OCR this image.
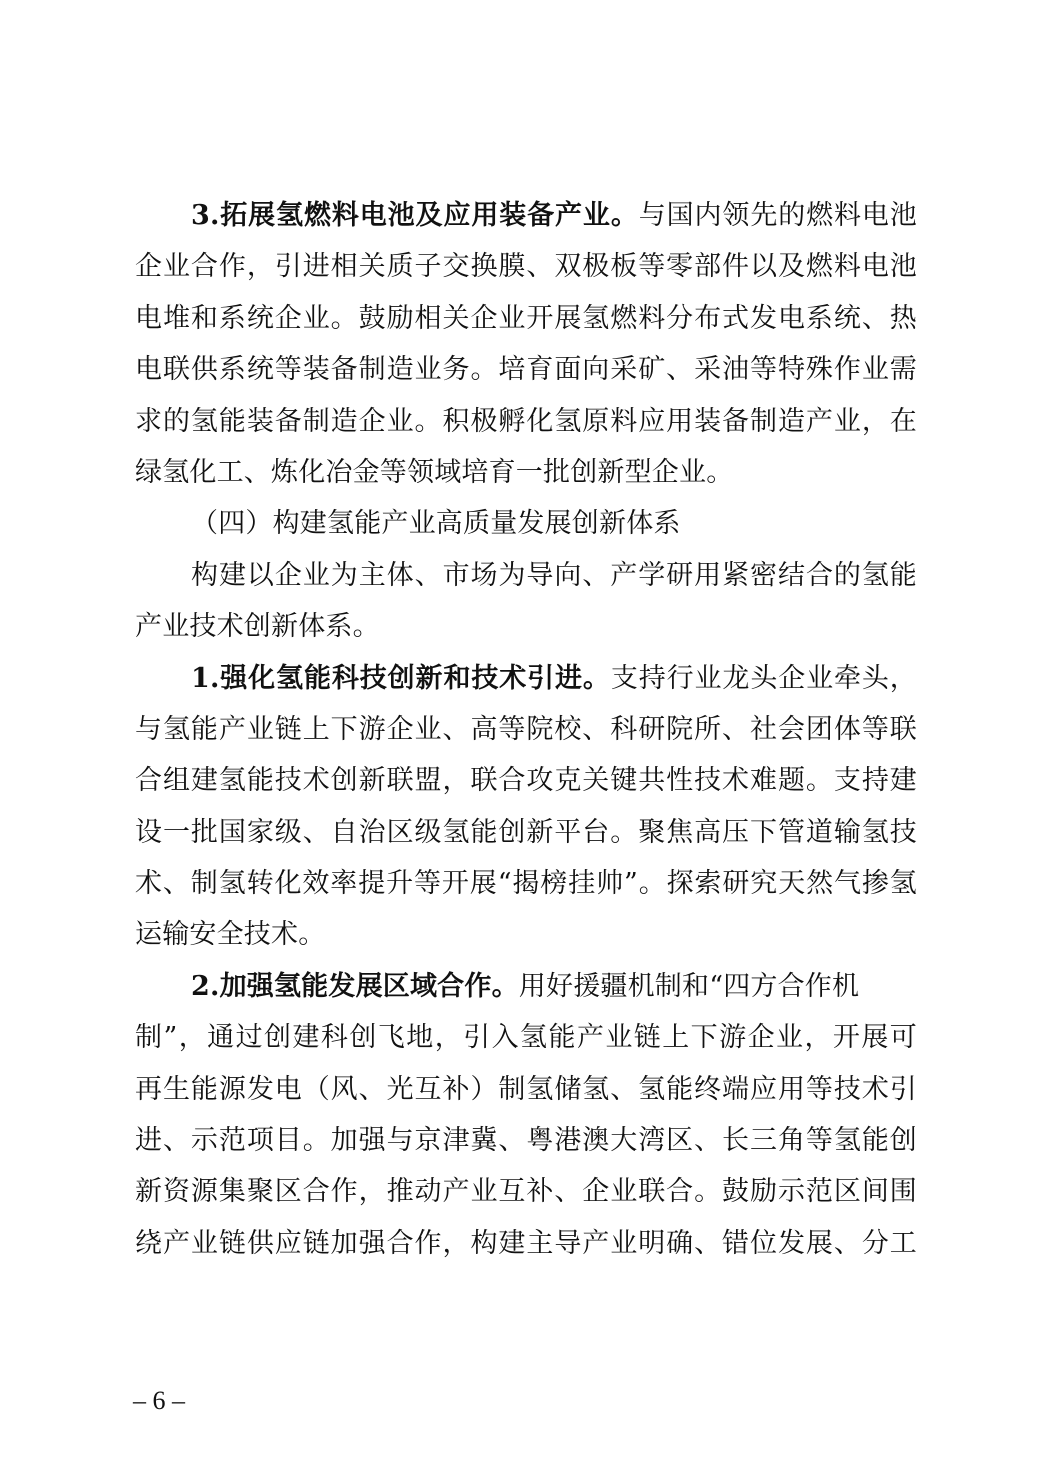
3.拓展氢燃料电池及应用装备产业。与国内领先的燃料电池
企业合作，引进相关质子交换膜、双极板等零部件以及燃料电池
电堆和系统企业。鼓励相关企业开展氢燃料分布式发电系统、热
电联供系统等装备制造业务。培育面向采矿、采油等特殊作业需
求的氢能装备制造企业。积极孵化氢原料应用装备制造产业，在
绿氢化工、炼化冶金等领域培育一批创新型企业。
（四）构建氢能产业高质量发展创新体系
构建以企业为主体、市场为导向、产学研用紧密结合的氢能
产业技术创新体系。
1.强化氢能科技创新和技术引进。支持行业龙头企业牵头，
与氢能产业链上下游企业、高等院校、科研院所、社会团体等联
合组建氢能技术创新联盟，联合攻克关键共性技术难题。支持建
设一批国家级、自治区级氢能创新平台。聚焦高压下管道输氢技
术、制氢转化效率提升等开展“揭榜挂帅”。探索研究天然气掺氢
运输安全技术。
2.加强氢能发展区域合作。用好援疆机制和“四方合作机
制”，通过创建科创飞地，引入氢能产业链上下游企业，开展可
再生能源发电（风、光互补）制氢储氢、氢能终端应用等技术引
进、示范项目。加强与京津冀、粤港澳大湾区、长三角等氢能创
新资源集聚区合作，推动产业互补、企业联合。鼓励示范区间围
绕产业链供应链加强合作，构建主导产业明确、错位发展、分工
– 6 –
